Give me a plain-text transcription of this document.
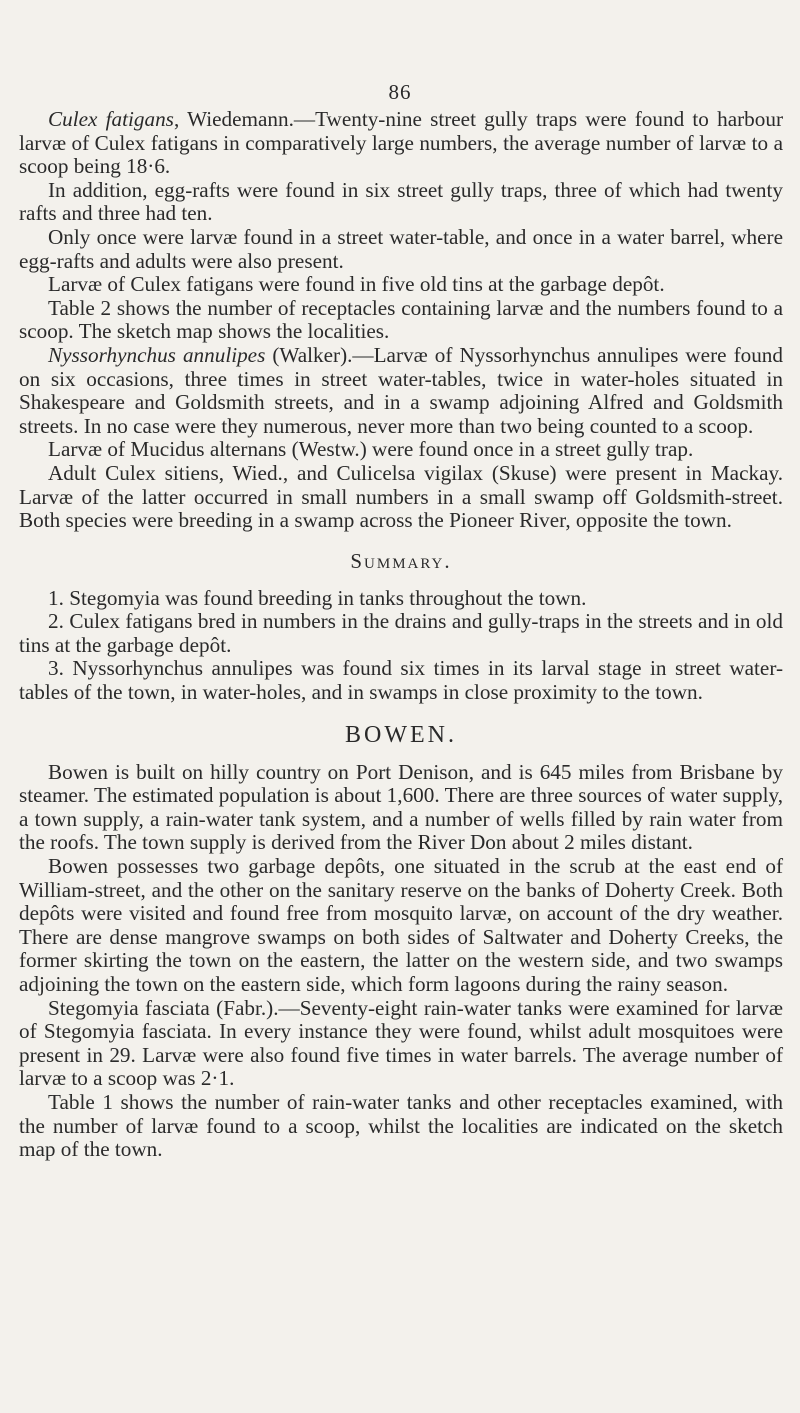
86

Culex fatigans, Wiedemann.—Twenty-nine street gully traps were found to harbour larvæ of Culex fatigans in comparatively large numbers, the average number of larvæ to a scoop being 18·6.

In addition, egg-rafts were found in six street gully traps, three of which had twenty rafts and three had ten.

Only once were larvæ found in a street water-table, and once in a water barrel, where egg-rafts and adults were also present.

Larvæ of Culex fatigans were found in five old tins at the garbage depôt.

Table 2 shows the number of receptacles containing larvæ and the numbers found to a scoop. The sketch map shows the localities.

Nyssorhynchus annulipes (Walker).—Larvæ of Nyssorhynchus annulipes were found on six occasions, three times in street water-tables, twice in water-holes situated in Shakespeare and Goldsmith streets, and in a swamp adjoining Alfred and Goldsmith streets. In no case were they numerous, never more than two being counted to a scoop.

Larvæ of Mucidus alternans (Westw.) were found once in a street gully trap.

Adult Culex sitiens, Wied., and Culicelsa vigilax (Skuse) were present in Mackay. Larvæ of the latter occurred in small numbers in a small swamp off Goldsmith-street. Both species were breeding in a swamp across the Pioneer River, opposite the town.

Summary.

1. Stegomyia was found breeding in tanks throughout the town.

2. Culex fatigans bred in numbers in the drains and gully-traps in the streets and in old tins at the garbage depôt.

3. Nyssorhynchus annulipes was found six times in its larval stage in street water-tables of the town, in water-holes, and in swamps in close proximity to the town.

BOWEN.

Bowen is built on hilly country on Port Denison, and is 645 miles from Brisbane by steamer. The estimated population is about 1,600. There are three sources of water supply, a town supply, a rain-water tank system, and a number of wells filled by rain water from the roofs. The town supply is derived from the River Don about 2 miles distant.

Bowen possesses two garbage depôts, one situated in the scrub at the east end of William-street, and the other on the sanitary reserve on the banks of Doherty Creek. Both depôts were visited and found free from mosquito larvæ, on account of the dry weather. There are dense mangrove swamps on both sides of Saltwater and Doherty Creeks, the former skirting the town on the eastern, the latter on the western side, and two swamps adjoining the town on the eastern side, which form lagoons during the rainy season.

Stegomyia fasciata (Fabr.).—Seventy-eight rain-water tanks were examined for larvæ of Stegomyia fasciata. In every instance they were found, whilst adult mosquitoes were present in 29. Larvæ were also found five times in water barrels. The average number of larvæ to a scoop was 2·1.

Table 1 shows the number of rain-water tanks and other receptacles examined, with the number of larvæ found to a scoop, whilst the localities are indicated on the sketch map of the town.
